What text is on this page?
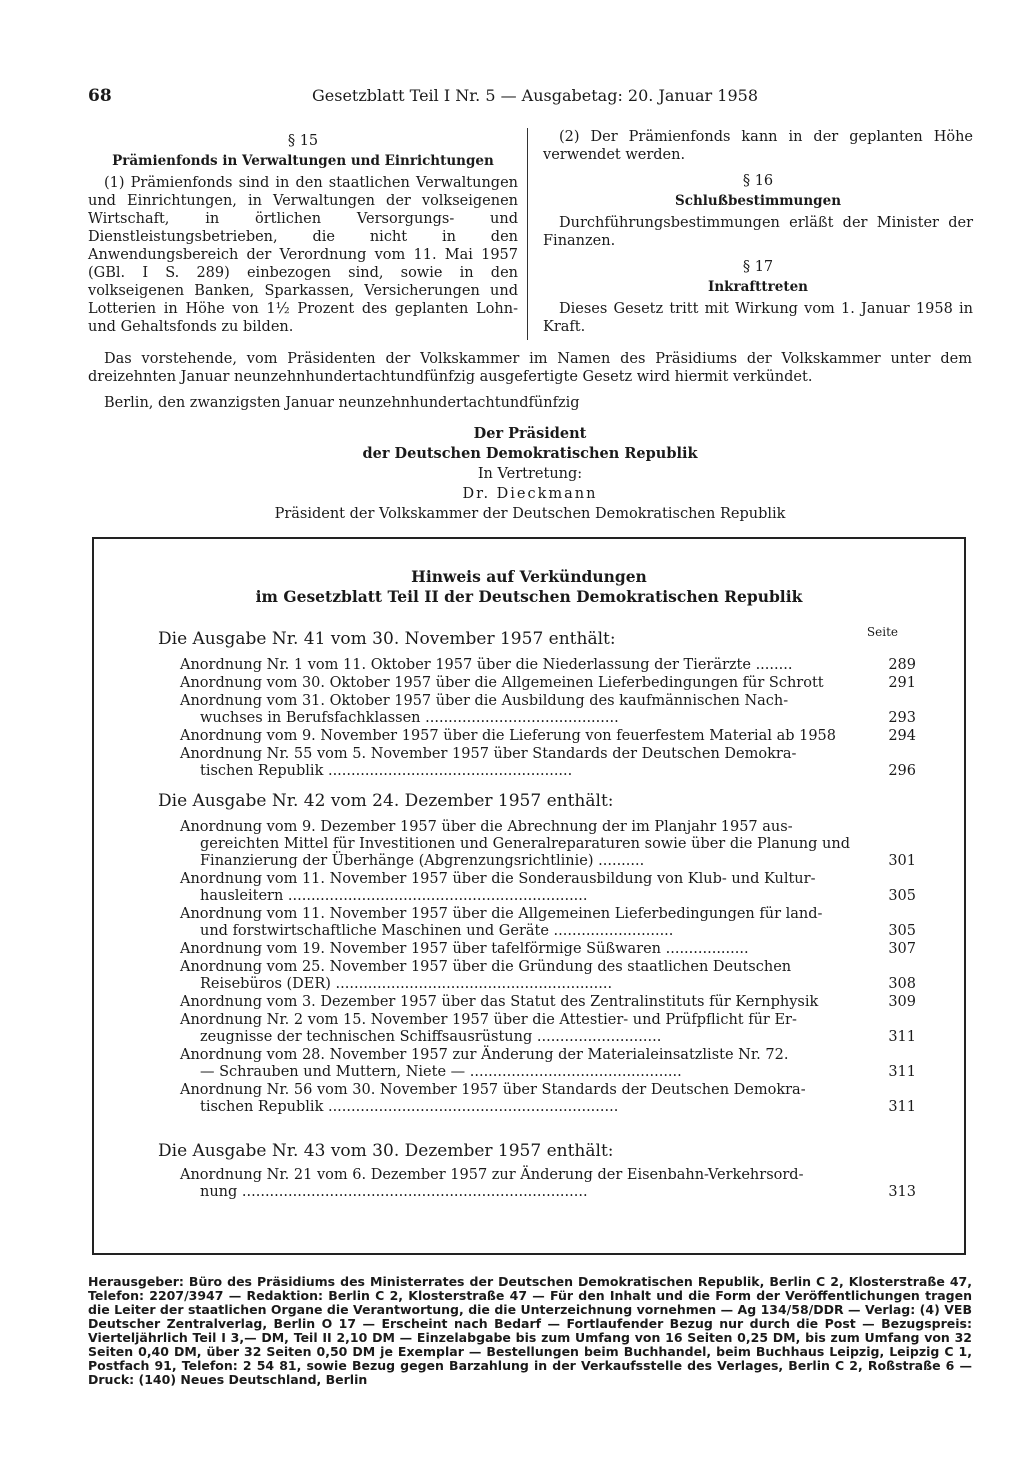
68	Gesetzblatt Teil I Nr. 5 — Ausgabetag: 20. Januar 1958
§ 15
Prämienfonds in Verwaltungen und Einrichtungen

(1) Prämienfonds sind in den staatlichen Verwaltungen und Einrichtungen, in Verwaltungen der volkseigenen Wirtschaft, in örtlichen Versorgungs- und Dienstleistungsbetrieben, die nicht in den Anwendungsbereich der Verordnung vom 11. Mai 1957 (GBl. I S. 289) einbezogen sind, sowie in den volkseigenen Banken, Sparkassen, Versicherungen und Lotterien in Höhe von 1½ Prozent des geplanten Lohn- und Gehaltsfonds zu bilden.

(2) Der Prämienfonds kann in der geplanten Höhe verwendet werden.

§ 16
Schlußbestimmungen

Durchführungsbestimmungen erläßt der Minister der Finanzen.

§ 17
Inkrafttreten

Dieses Gesetz tritt mit Wirkung vom 1. Januar 1958 in Kraft.

Das vorstehende, vom Präsidenten der Volkskammer im Namen des Präsidiums der Volkskammer unter dem dreizehnten Januar neunzehnhundertachtundfünfzig ausgefertigte Gesetz wird hiermit verkündet.

Berlin, den zwanzigsten Januar neunzehnhundertachtundfünfzig

Der Präsident
der Deutschen Demokratischen Republik
In Vertretung:
Dr. Dieckmann
Präsident der Volkskammer der Deutschen Demokratischen Republik
Hinweis auf Verkündungen
im Gesetzblatt Teil II der Deutschen Demokratischen Republik
Seite
Die Ausgabe Nr. 41 vom 30. November 1957 enthält:
Anordnung Nr. 1 vom 11. Oktober 1957 über die Niederlassung der Tierärzte ........	289
Anordnung vom 30. Oktober 1957 über die Allgemeinen Lieferbedingungen für Schrott	291
Anordnung vom 31. Oktober 1957 über die Ausbildung des kaufmännischen Nach-
wuchses in Berufsfachklassen ..........................................	293
Anordnung vom 9. November 1957 über die Lieferung von feuerfestem Material ab 1958	294
Anordnung Nr. 55 vom 5. November 1957 über Standards der Deutschen Demokra-
tischen Republik .....................................................	296
Die Ausgabe Nr. 42 vom 24. Dezember 1957 enthält:
Anordnung vom 9. Dezember 1957 über die Abrechnung der im Planjahr 1957 aus-
gereichten Mittel für Investitionen und Generalreparaturen sowie über die Planung und Finanzierung der Überhänge (Abgrenzungsrichtlinie) ..........	301
Anordnung vom 11. November 1957 über die Sonderausbildung von Klub- und Kultur-
hausleitern .................................................................	305
Anordnung vom 11. November 1957 über die Allgemeinen Lieferbedingungen für land-
und forstwirtschaftliche Maschinen und Geräte ..........................	305
Anordnung vom 19. November 1957 über tafelförmige Süßwaren ..................	307
Anordnung vom 25. November 1957 über die Gründung des staatlichen Deutschen
Reisebüros (DER) ............................................................	308
Anordnung vom 3. Dezember 1957 über das Statut des Zentralinstituts für Kernphysik	309
Anordnung Nr. 2 vom 15. November 1957 über die Attestier- und Prüfpflicht für Er-
zeugnisse der technischen Schiffsausrüstung ...........................	311
Anordnung vom 28. November 1957 zur Änderung der Materialeinsatzliste Nr. 72.
— Schrauben und Muttern, Niete — ..............................................	311
Anordnung Nr. 56 vom 30. November 1957 über Standards der Deutschen Demokra-
tischen Republik ...............................................................	311
Die Ausgabe Nr. 43 vom 30. Dezember 1957 enthält:
Anordnung Nr. 21 vom 6. Dezember 1957 zur Änderung der Eisenbahn-Verkehrsord-
nung ...........................................................................	313
Herausgeber: Büro des Präsidiums des Ministerrates der Deutschen Demokratischen Republik, Berlin C 2, Klosterstraße 47, Telefon: 2207/3947 — Redaktion: Berlin C 2, Klosterstraße 47 — Für den Inhalt und die Form der Veröffentlichungen tragen die Leiter der staatlichen Organe die Verantwortung, die die Unterzeichnung vornehmen — Ag 134/58/DDR — Verlag: (4) VEB Deutscher Zentralverlag, Berlin O 17 — Erscheint nach Bedarf — Fortlaufender Bezug nur durch die Post — Bezugspreis: Vierteljährlich Teil I 3,— DM, Teil II 2,10 DM — Einzelabgabe bis zum Umfang von 16 Seiten 0,25 DM, bis zum Umfang von 32 Seiten 0,40 DM, über 32 Seiten 0,50 DM je Exemplar — Bestellungen beim Buchhandel, beim Buchhaus Leipzig, Leipzig C 1, Postfach 91, Telefon: 2 54 81, sowie Bezug gegen Barzahlung in der Verkaufsstelle des Verlages, Berlin C 2, Roßstraße 6 — Druck: (140) Neues Deutschland, Berlin
